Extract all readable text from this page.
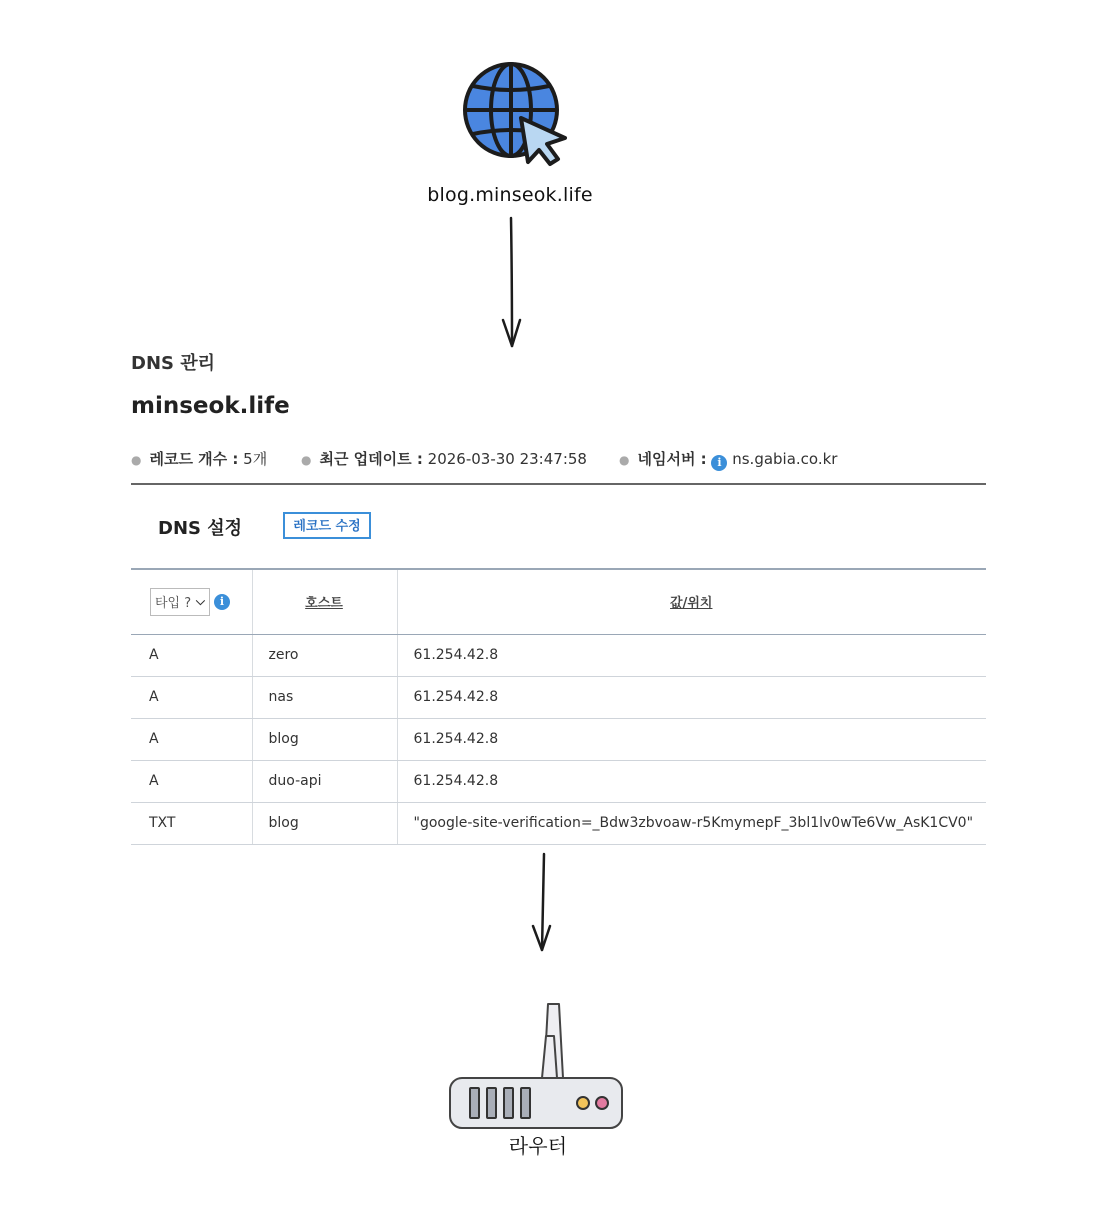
blog.minseok.life
DNS 관리
minseok.life
● 레코드 개수 : 5개	● 최근 업데이트 : 2026-03-30 23:47:58	● 네임서버 : i ns.gabia.co.kr
DNS 설정	레코드 수정
타입 ? ⌵ i	호스트	값/위치
A	zero	61.254.42.8
A	nas	61.254.42.8
A	blog	61.254.42.8
A	duo-api	61.254.42.8
TXT	blog	"google-site-verification=_Bdw3zbvoaw-r5KmymepF_3bl1lv0wTe6Vw_AsK1CV0"
라우터
